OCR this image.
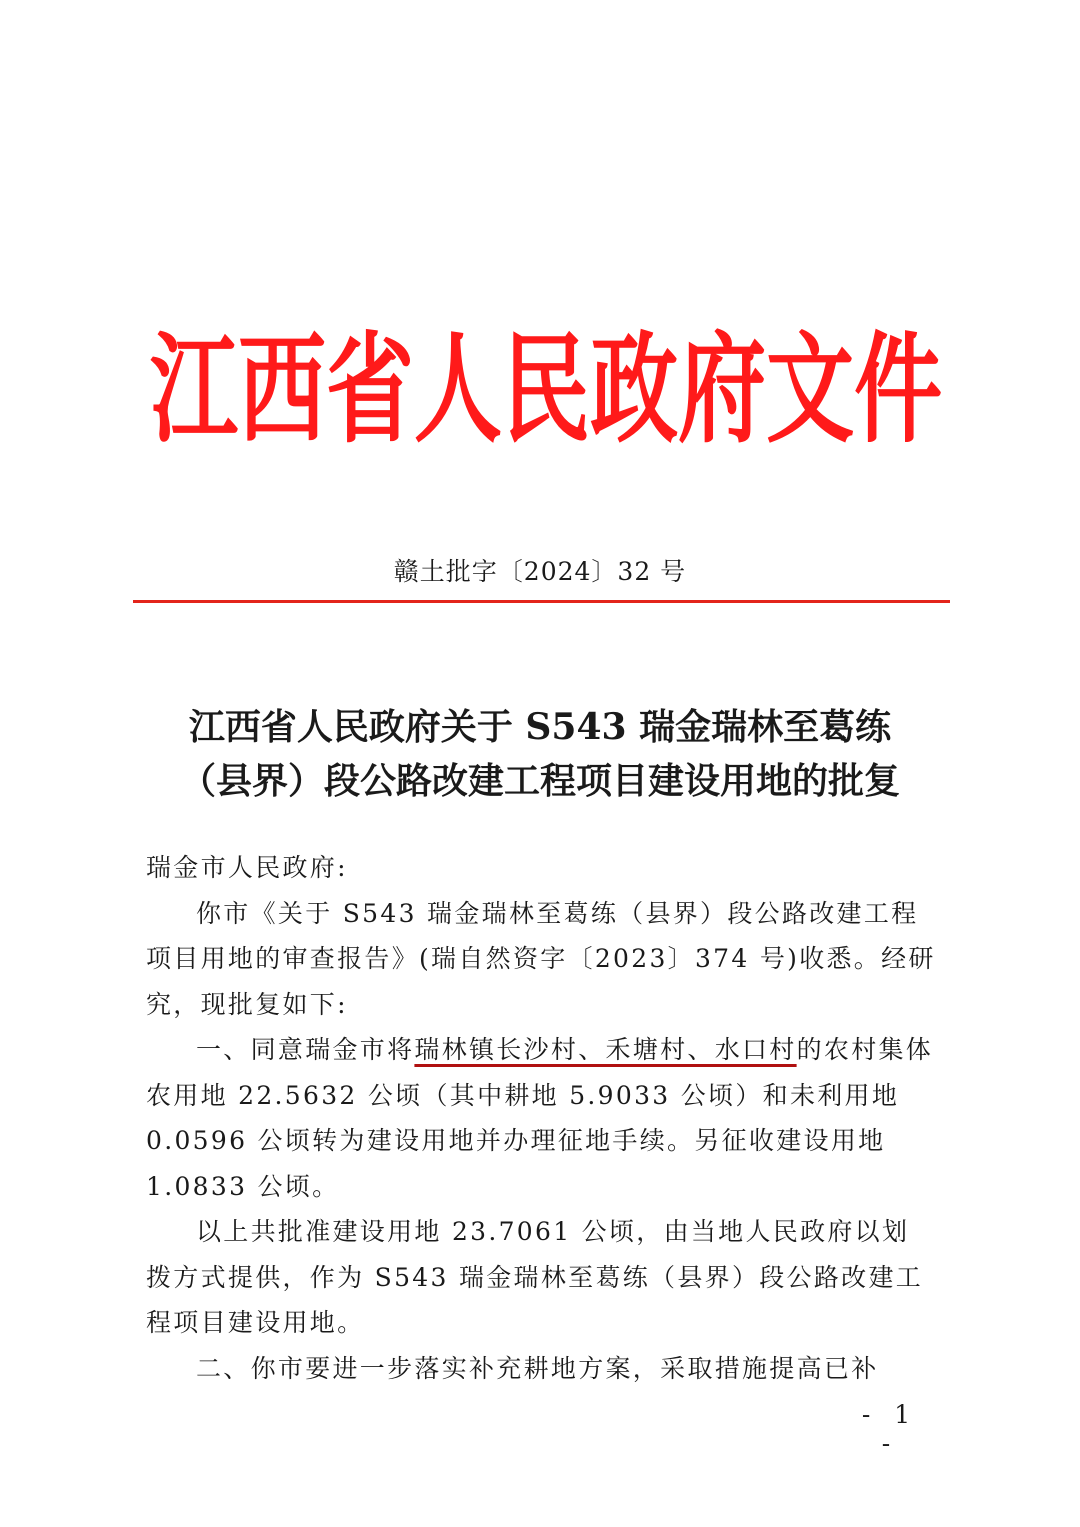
江 西 省 人 民 政 府 文 件
赣土批字〔2024〕32 号
江西省人民政府关于 S543 瑞金瑞林至葛练
（县界）段公路改建工程项目建设用地的批复

瑞金市人民政府:

你市《关于 S543 瑞金瑞林至葛练（县界）段公路改建工程项目用地的审查报告》(瑞自然资字〔2023〕374 号)收悉。经研究，现批复如下:

一、同意瑞金市将瑞林镇长沙村、禾塘村、水口村的农村集体农用地 22.5632 公顷（其中耕地 5.9033 公顷）和未利用地 0.0596 公顷转为建设用地并办理征地手续。另征收建设用地 1.0833 公顷。

以上共批准建设用地 23.7061 公顷，由当地人民政府以划拨方式提供，作为 S543 瑞金瑞林至葛练（县界）段公路改建工程项目建设用地。

二、你市要进一步落实补充耕地方案，采取措施提高已补

- 1 -
